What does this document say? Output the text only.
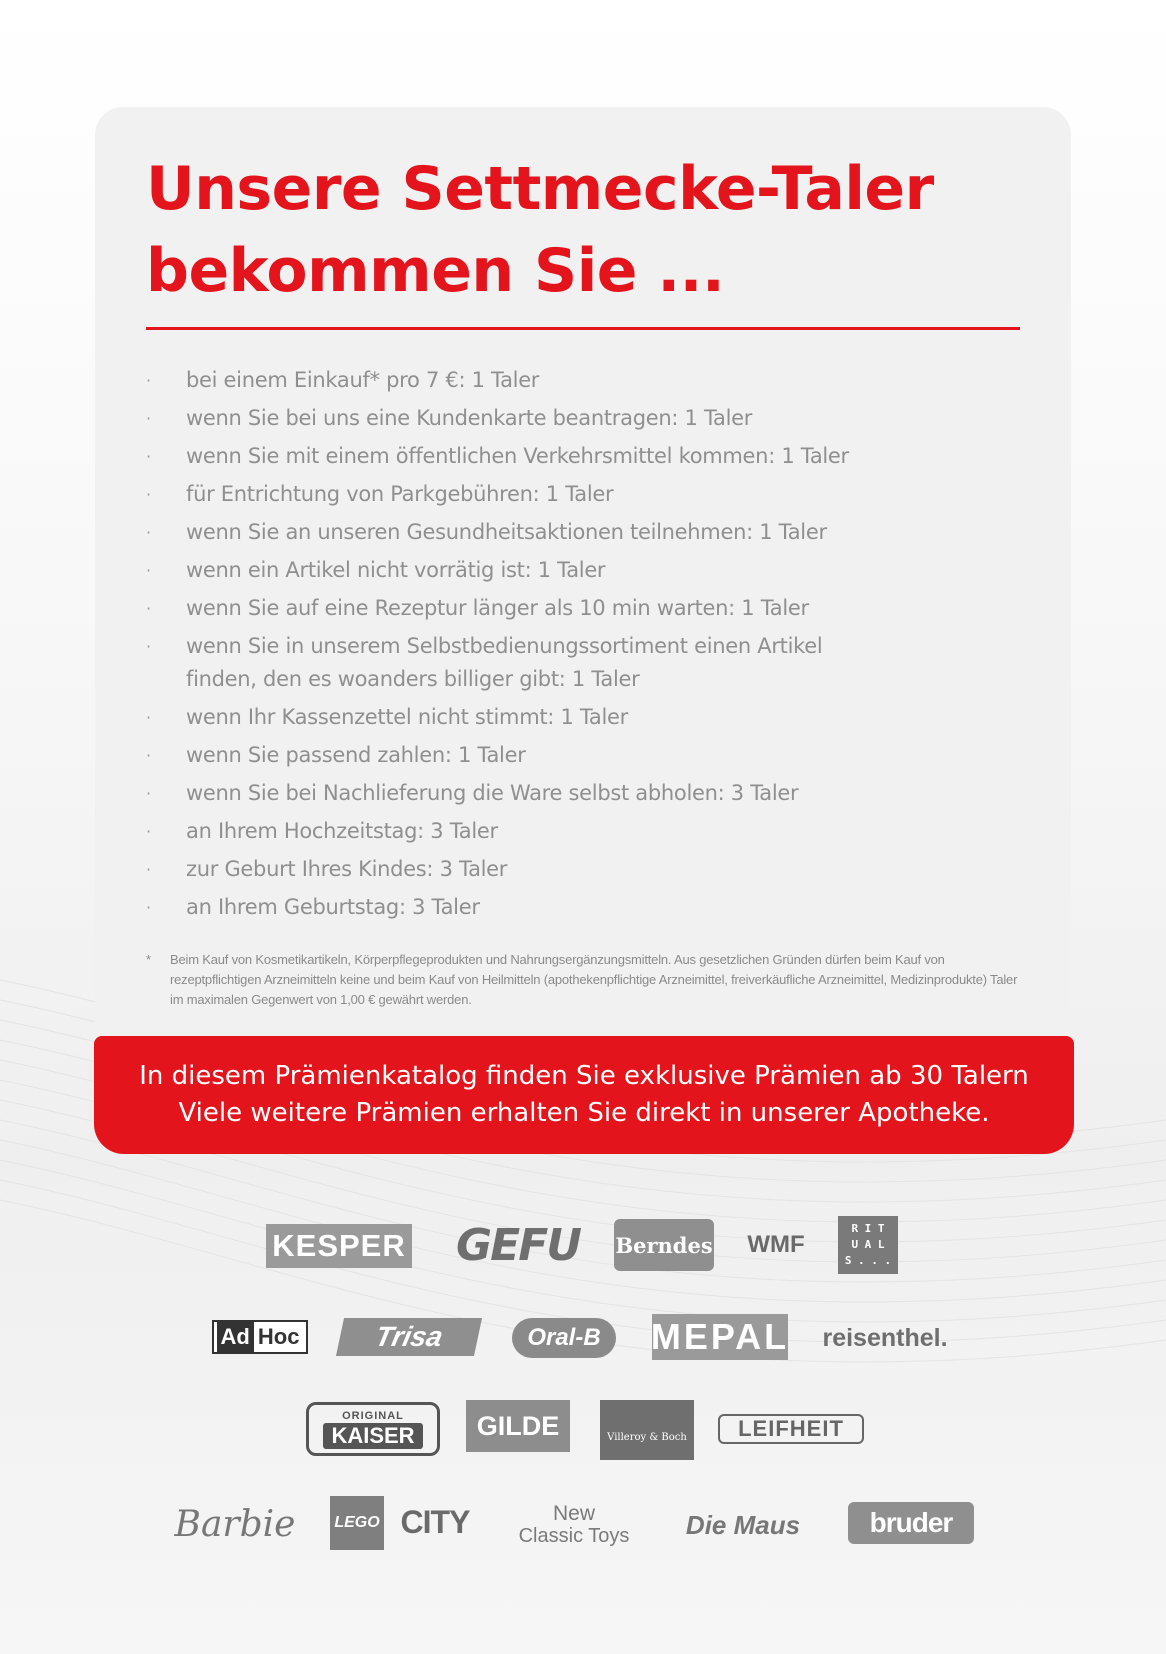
Unsere Settmecke-Taler
bekommen Sie ...
· bei einem Einkauf* pro 7 €: 1 Taler
· wenn Sie bei uns eine Kundenkarte beantragen: 1 Taler
· wenn Sie mit einem öffentlichen Verkehrsmittel kommen: 1 Taler
· für Entrichtung von Parkgebühren: 1 Taler
· wenn Sie an unseren Gesundheitsaktionen teilnehmen: 1 Taler
· wenn ein Artikel nicht vorrätig ist: 1 Taler
· wenn Sie auf eine Rezeptur länger als 10 min warten: 1 Taler
· wenn Sie in unserem Selbstbedienungssortiment einen Artikel finden, den es woanders billiger gibt: 1 Taler
· wenn Ihr Kassenzettel nicht stimmt: 1 Taler
· wenn Sie passend zahlen: 1 Taler
· wenn Sie bei Nachlieferung die Ware selbst abholen: 3 Taler
· an Ihrem Hochzeitstag: 3 Taler
· zur Geburt Ihres Kindes: 3 Taler
· an Ihrem Geburtstag: 3 Taler
*	Beim Kauf von Kosmetikartikeln, Körperpflegeprodukten und Nahrungsergänzungsmitteln. Aus gesetzlichen Gründen dürfen beim Kauf von rezeptpflichtigen Arzneimitteln keine und beim Kauf von Heilmitteln (apothekenpflichtige Arzneimittel, freiverkäufliche Arzneimittel, Medizinprodukte) Taler im maximalen Gegenwert von 1,00 € gewährt werden.
In diesem Prämienkatalog finden Sie exklusive Prämien ab 30 Talern
Viele weitere Prämien erhalten Sie direkt in unserer Apotheke.
KESPER GEFU Berndes WMF
R I T
U A L
S . . .
Ad Hoc	Trisa	Oral-B MEPAL reisenthel.
ORIGINAL
KAISER GILDE	Villeroy & Boch LEIFHEIT
Barbie LEGO CITY	New
Classic Toys Die Maus bruder
